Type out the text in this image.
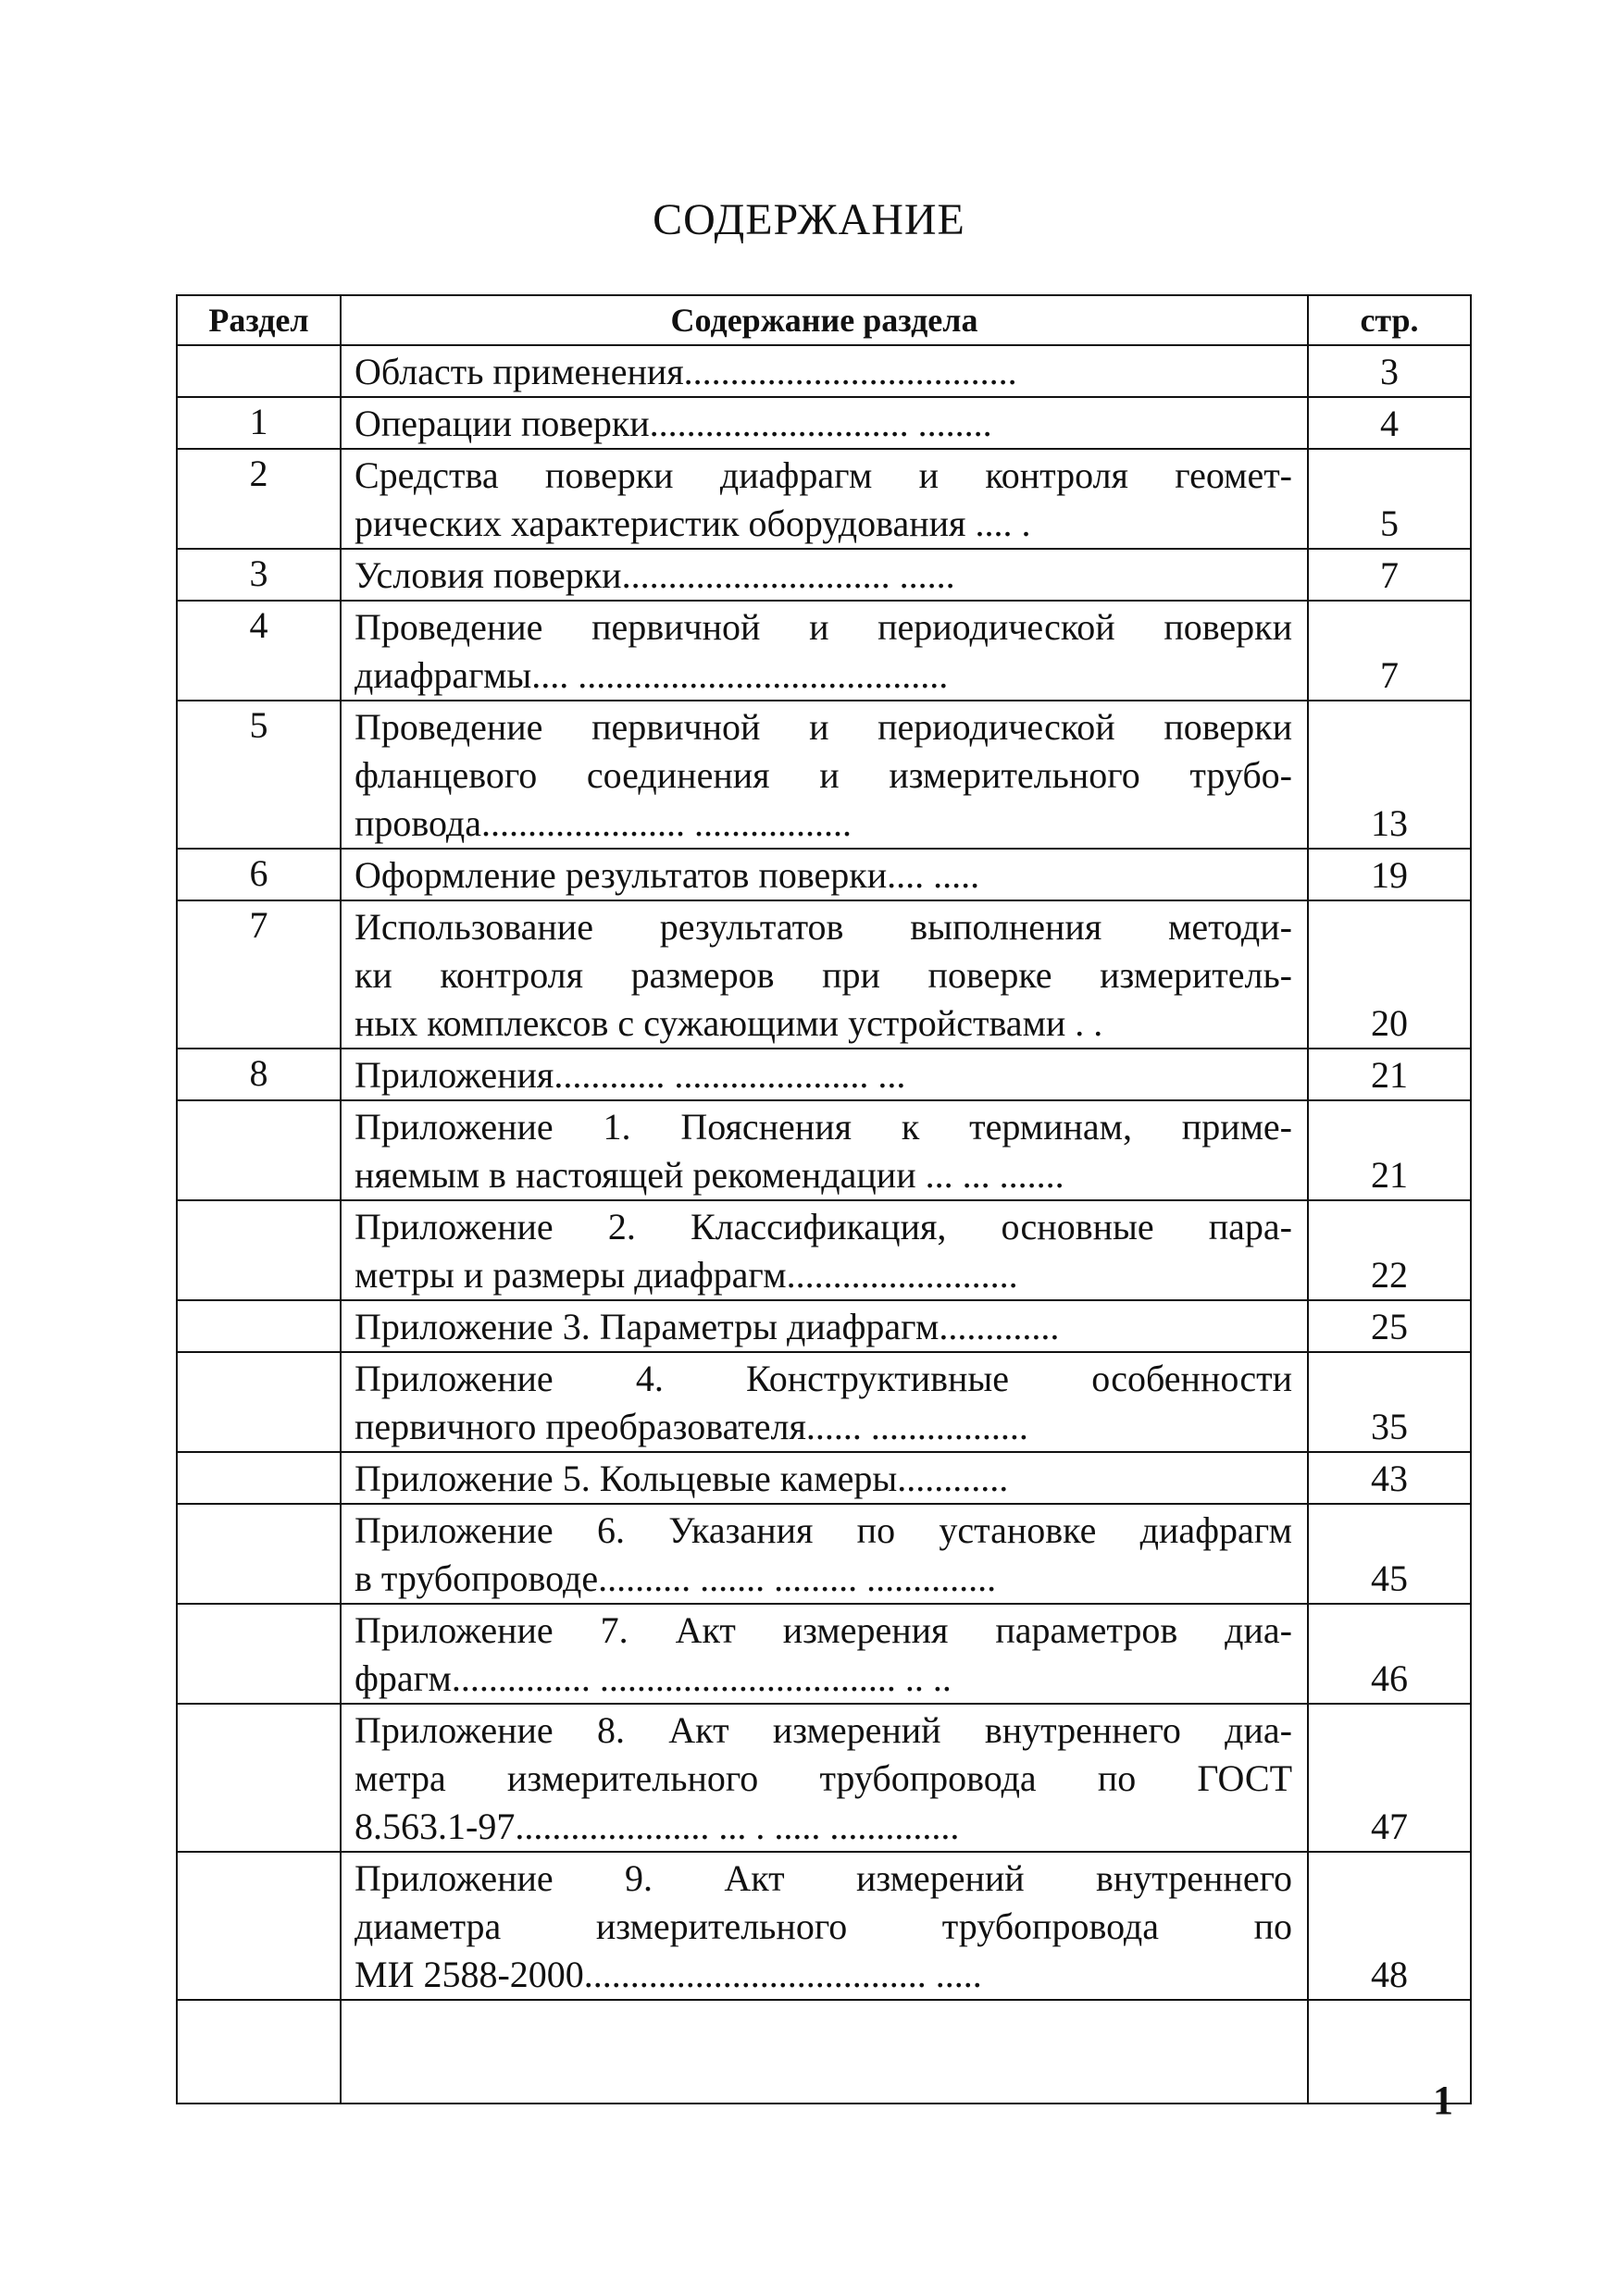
СОДЕРЖАНИЕ
Раздел	Содержание раздела	стр.

	Область применения....................................	3
1	Операции поверки............................ ........	4
2	Средства поверки диафрагм и контроля геомет-
рических характеристик оборудования .... .	5
3	Условия поверки............................. ......	7
4	Проведение первичной и периодической поверки
диафрагмы.... ........................................	7
5	Проведение первичной и периодической поверки
фланцевого соединения и измерительного трубо-
провода...................... .................	13
6	Оформление результатов поверки.... .....	19
7	Использование результатов выполнения методи-
ки контроля размеров при поверке измеритель-
ных комплексов с сужающими устройствами . .	20
8	Приложения............ ..................... ...	21

	Приложение 1. Пояснения к терминам, приме-
няемым в настоящей рекомендации ... ... .......	21

	Приложение 2. Классификация, основные пара-
метры и размеры диафрагм.........................	22

	Приложение 3. Параметры диафрагм.............	25

	Приложение 4. Конструктивные особенности
первичного преобразователя...... .................	35

	Приложение 5. Кольцевые камеры............	43

	Приложение 6. Указания по установке диафрагм
в трубопроводе.......... ....... ......... ..............	45

	Приложение 7. Акт измерения параметров диа-
фрагм............... ................................ .. ..	46

	Приложение 8. Акт измерений внутреннего диа-
метра измерительного трубопровода по ГОСТ
8.563.1-97..................... ... . ..... ..............	47

	Приложение 9. Акт измерений внутреннего
диаметра измерительного трубопровода по
МИ 2588-2000..................................... .....	48

1
